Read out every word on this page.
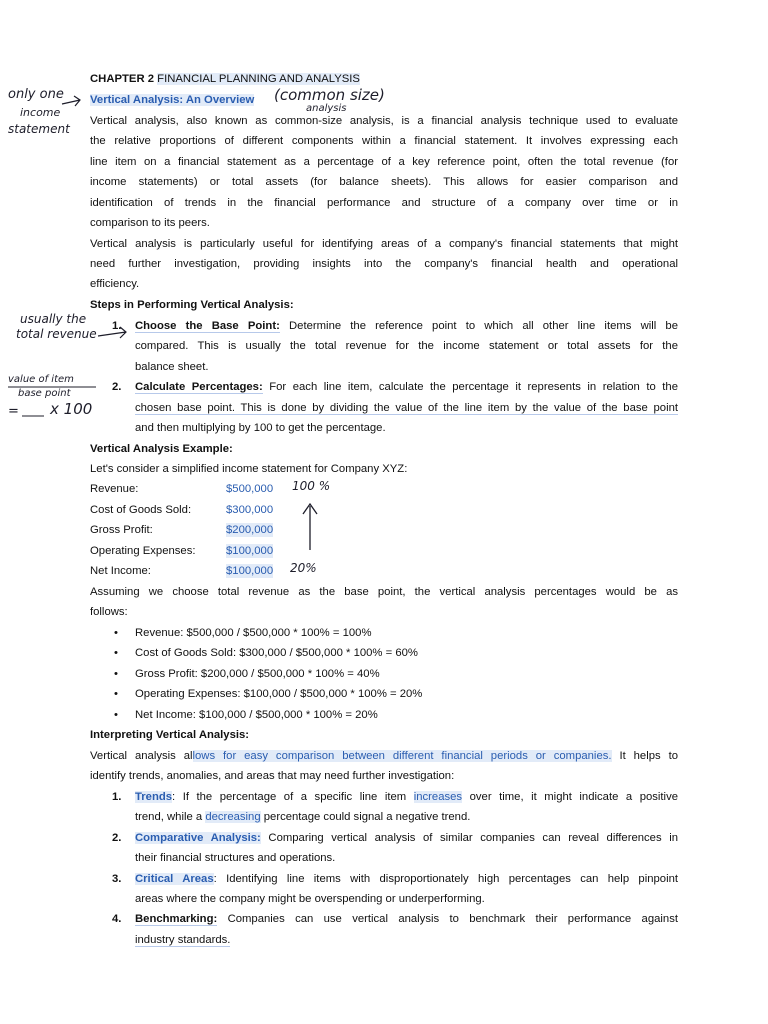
CHAPTER 2 FINANCIAL PLANNING AND ANALYSIS
Vertical Analysis: An Overview
Vertical analysis, also known as common-size analysis, is a financial analysis technique used to evaluate
the relative proportions of different components within a financial statement. It involves expressing each
line item on a financial statement as a percentage of a key reference point, often the total revenue (for
income statements) or total assets (for balance sheets). This allows for easier comparison and
identification of trends in the financial performance and structure of a company over time or in
comparison to its peers.
Vertical analysis is particularly useful for identifying areas of a company's financial statements that might
need further investigation, providing insights into the company's financial health and operational
efficiency.
Steps in Performing Vertical Analysis:
1.	Choose the Base Point: Determine the reference point to which all other line items will be
compared. This is usually the total revenue for the income statement or total assets for the
balance sheet.
2.	Calculate Percentages: For each line item, calculate the percentage it represents in relation to the
chosen base point. This is done by dividing the value of the line item by the value of the base point
and then multiplying by 100 to get the percentage.
Vertical Analysis Example:
Let's consider a simplified income statement for Company XYZ:
Revenue:	$500,000
Cost of Goods Sold:	$300,000
Gross Profit:	$200,000
Operating Expenses:	$100,000
Net Income:	$100,000
Assuming we choose total revenue as the base point, the vertical analysis percentages would be as
follows:
• Revenue: $500,000 / $500,000 * 100% = 100%
• Cost of Goods Sold: $300,000 / $500,000 * 100% = 60%
• Gross Profit: $200,000 / $500,000 * 100% = 40%
• Operating Expenses: $100,000 / $500,000 * 100% = 20%
• Net Income: $100,000 / $500,000 * 100% = 20%
Interpreting Vertical Analysis:
Vertical analysis allows for easy comparison between different financial periods or companies. It helps to
identify trends, anomalies, and areas that may need further investigation:
1.	Trends: If the percentage of a specific line item increases over time, it might indicate a positive
trend, while a decreasing percentage could signal a negative trend.
2.	Comparative Analysis: Comparing vertical analysis of similar companies can reveal differences in
their financial structures and operations.
3.	Critical Areas: Identifying line items with disproportionately high percentages can help pinpoint
areas where the company might be overspending or underperforming.
4.	Benchmarking: Companies can use vertical analysis to benchmark their performance against
industry standards.
only one
income
statement
(common size)
analysis
usually the
total revenue
value of item
base point
= x 100
100 %
20%
